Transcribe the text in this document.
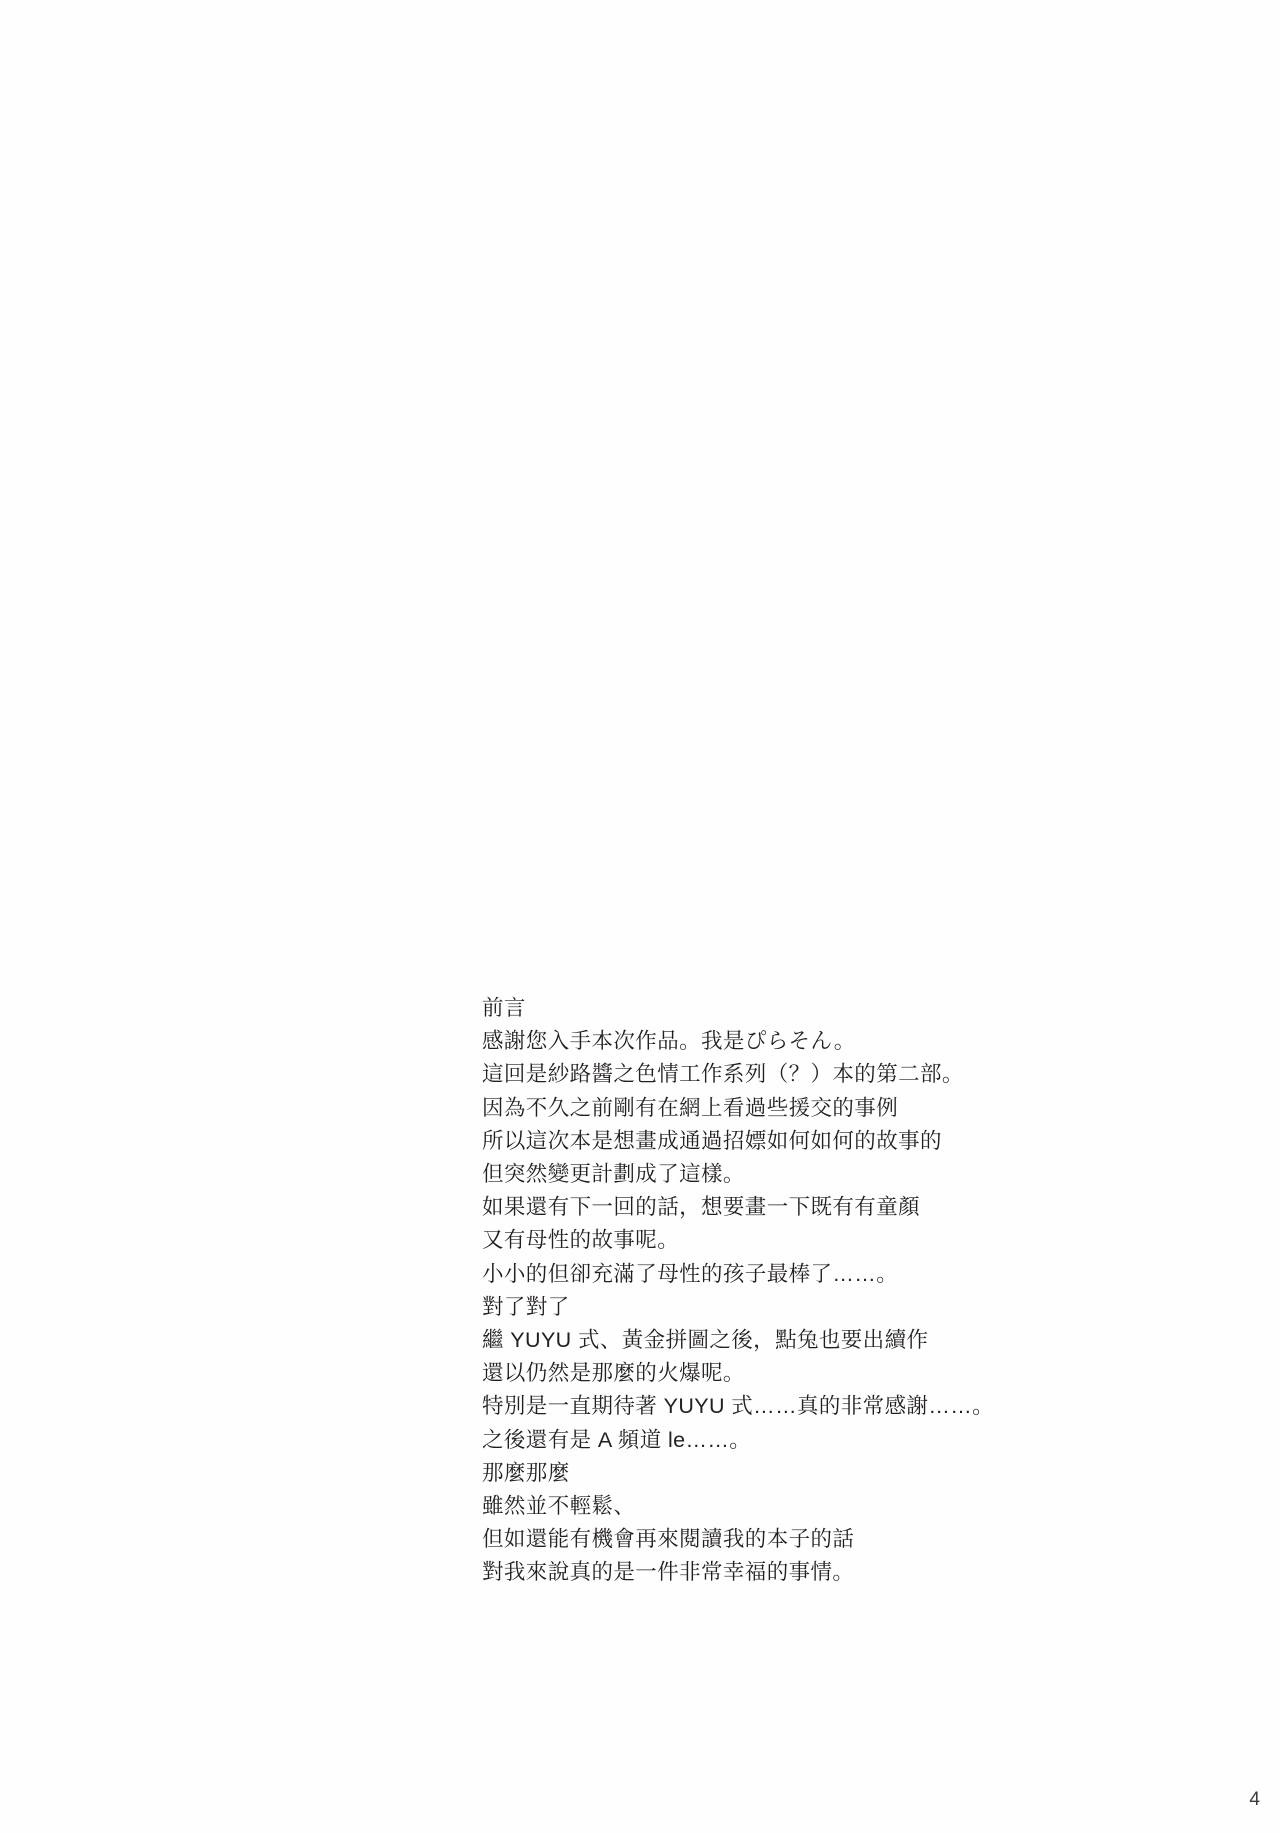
前言
感謝您入手本次作品。我是ぴらそん。
這回是紗路醬之色情工作系列（？）本的第二部。
因為不久之前剛有在網上看過些援交的事例
所以這次本是想畫成通過招嫖如何如何的故事的
但突然變更計劃成了這樣。
如果還有下一回的話，想要畫一下既有有童顏
又有母性的故事呢。
小小的但卻充滿了母性的孩子最棒了……。
對了對了
繼 YUYU 式、黃金拼圖之後，點兔也要出續作
還以仍然是那麼的火爆呢。
特別是一直期待著 YUYU 式……真的非常感謝……。
之後還有是 A 頻道 le……。
那麼那麼
雖然並不輕鬆、
但如還能有機會再來閱讀我的本子的話
對我來說真的是一件非常幸福的事情。
4
